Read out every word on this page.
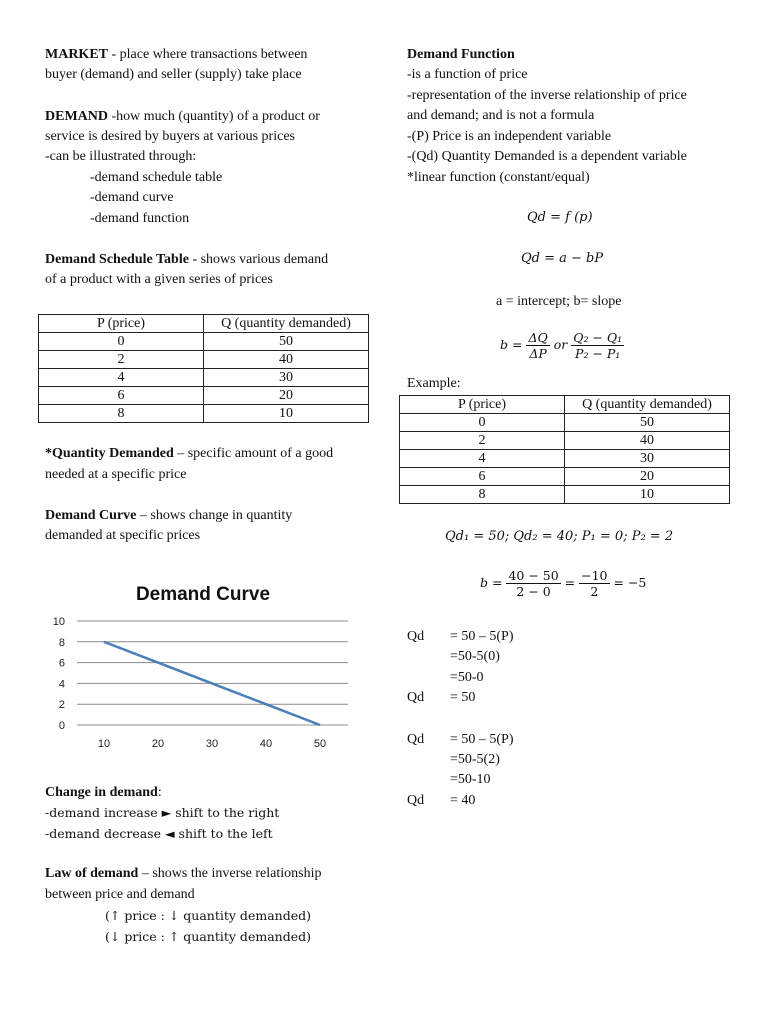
MARKET - place where transactions between
buyer (demand) and seller (supply) take place
DEMAND -how much (quantity) of a product or
service is desired by buyers at various prices
-can be illustrated through:
-demand schedule table
-demand curve
-demand function
Demand Schedule Table - shows various demand
of a product with a given series of prices
P (price)	Q (quantity demanded)
0	50
2	40
4	30
6	20
8	10
*Quantity Demanded – specific amount of a good
needed at a specific price
Demand Curve – shows change in quantity
demanded at specific prices
Demand Curve
0
2
4
6
8
10
10	20	30	40	50
Change in demand:
-demand increase ► shift to the right
-demand decrease ◄ shift to the left
Law of demand – shows the inverse relationship
between price and demand
(↑ price : ↓ quantity demanded)
(↓ price : ↑ quantity demanded)
Demand Function
-is a function of price
-representation of the inverse relationship of price
and demand; and is not a formula
-(P) Price is an independent variable
-(Qd) Quantity Demanded is a dependent variable
*linear function (constant/equal)
Qd = f (p)
Qd = a − bP
a = intercept; b= slope
$b = \frac{\Delta Q}{\Delta P}$ or $\frac{\text{Q₂ − Q₁}}{\text{P₂ − P₁}}$
Example:
P (price)	Q (quantity demanded)
0	50
2	40
4	30
6	20
8	10
Qd₁ = 50; Qd₂ = 40; P₁ = 0; P₂ = 2
$b = \frac{40 - 50}{2 - 0} = \frac{-10}{2} = -5$
Qd = 50 – 5(P)
=50-5(0)
=50-0
Qd = 50
Qd = 50 – 5(P)
=50-5(2)
=50-10
Qd = 40
